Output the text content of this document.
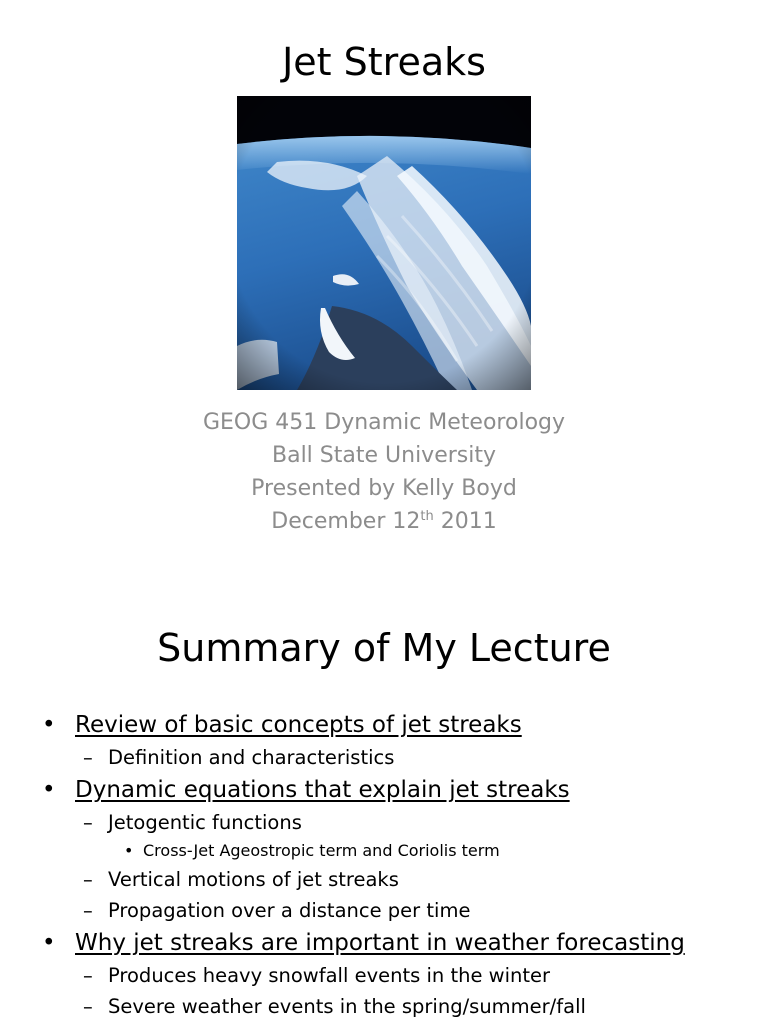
Jet Streaks
GEOG 451 Dynamic Meteorology
Ball State University
Presented by Kelly Boyd
December 12th 2011
Summary of My Lecture
• Review of basic concepts of jet streaks
– Definition and characteristics
• Dynamic equations that explain jet streaks
– Jetogentic functions
• Cross-Jet Ageostropic term and Coriolis term
– Vertical motions of jet streaks
– Propagation over a distance per time
• Why jet streaks are important in weather forecasting
– Produces heavy snowfall events in the winter
– Severe weather events in the spring/summer/fall
